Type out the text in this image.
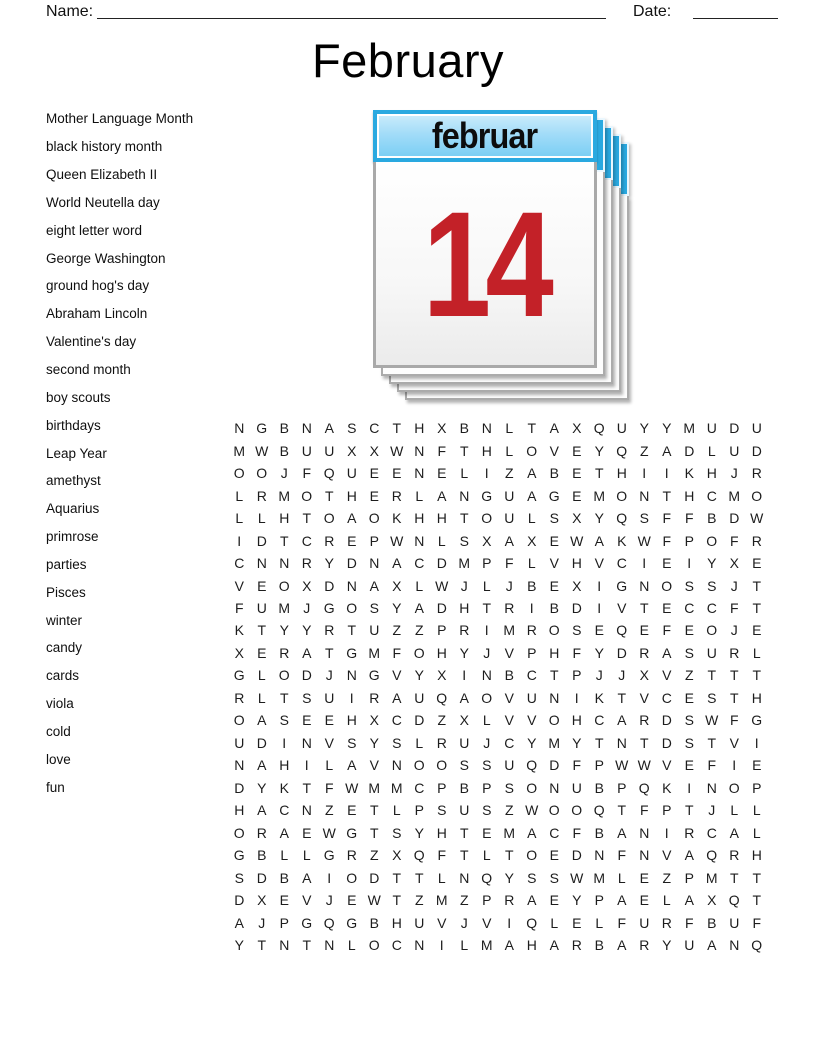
Name:	Date:
February
februar
14
Mother Language Month
black history month
Queen Elizabeth II
World Neutella day
eight letter word
George Washington
ground hog's day
Abraham Lincoln
Valentine's day
second month
boy scouts
birthdays
Leap Year
amethyst
Aquarius
primrose
parties
Pisces
winter
candy
cards
viola
cold
love
fun
N G B N A S C T H X B N L	T A X Q U Y Y M U D U
M W B U U X X W N F T H L O V E Y Q Z A D L U D
O O J	F Q U E E N E L	I	Z A B E T H	I	I	K H J R
L R M O T H E R L A N G U A G E M O N T H C M O
L	L H T O A O K H H T O U L S X Y Q S F F B D W
I	D T C R E P W N L S X A X E W A K W F P O F R
C N N R Y D N A C D M P F	L V H V C	I	E	I	Y X E
V E O X D N A X L W J	L	J	B E X	I	G N O S S	J	T
F U M J G O S Y A D H T R	I	B D	I	V T E C C F T
K T Y Y R T U Z Z P R	I	M R O S E Q E F E O J	E
X E R A T G M F O H Y	J	V P H F Y D R A S U R L
G L O D J N G V Y X	I	N B C T P	J	J	X V Z T T T
R L	T S U	I	R A U Q A O V U N	I	K T V C E S T H
O A S E E H X C D Z X L V V O H C A R D S W F G
U D	I	N V S Y S L R U J C Y M Y T N T D S T V	I
N A H	I	L A V N O O S S U Q D F P W W V E F	I	E
D Y K T F W M M C P B P S O N U B P Q K	I	N O P
H A C N Z E T	L P S U S Z W O O Q T F P T	J	L	L
O R A E W G T S Y H T E M A C F B A N	I	R C A L
G B L	L G R Z X Q F T	L	T O E D N F N V A Q R H
S D B A	I	O D T T	L N Q Y S S W M L E Z P M T T
D X E V	J	E W T Z M Z P R A E Y P A E L A X Q T
A	J	P G Q G B H U V	J	V	I	Q L E L	F U R F B U F
Y T N T N L O C N	I	L M A H A R B A R Y U A N Q
